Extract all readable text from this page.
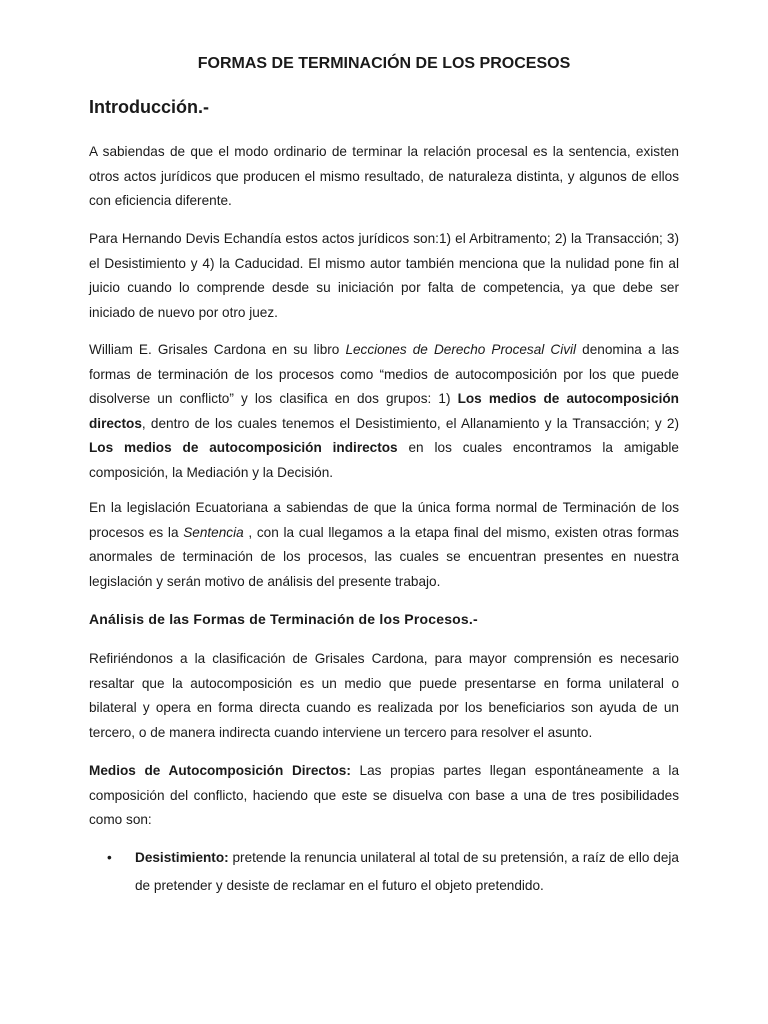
FORMAS DE TERMINACIÓN DE LOS PROCESOS
Introducción.-

A sabiendas de que el modo ordinario de terminar la relación procesal es la sentencia, existen otros actos jurídicos que producen el mismo resultado, de naturaleza distinta, y algunos de ellos con eficiencia diferente.

Para Hernando Devis Echandía estos actos jurídicos son:1) el Arbitramento; 2) la Transacción; 3) el Desistimiento y 4) la Caducidad. El mismo autor también menciona que la nulidad pone fin al juicio cuando lo comprende desde su iniciación por falta de competencia, ya que debe ser iniciado de nuevo por otro juez.

William E. Grisales Cardona en su libro Lecciones de Derecho Procesal Civil denomina a las formas de terminación de los procesos como “medios de autocomposición por los que puede disolverse un conflicto” y los clasifica en dos grupos: 1) Los medios de autocomposición directos, dentro de los cuales tenemos el Desistimiento, el Allanamiento y la Transacción; y 2) Los medios de autocomposición indirectos en los cuales encontramos la amigable composición, la Mediación y la Decisión.

En la legislación Ecuatoriana a sabiendas de que la única forma normal de Terminación de los procesos es la Sentencia , con la cual llegamos a la etapa final del mismo, existen otras formas anormales de terminación de los procesos, las cuales se encuentran presentes en nuestra legislación y serán motivo de análisis del presente trabajo.

Análisis de las Formas de Terminación de los Procesos.-

Refiriéndonos a la clasificación de Grisales Cardona, para mayor comprensión es necesario resaltar que la autocomposición es un medio que puede presentarse en forma unilateral o bilateral y opera en forma directa cuando es realizada por los beneficiarios son ayuda de un tercero, o de manera indirecta cuando interviene un tercero para resolver el asunto.

Medios de Autocomposición Directos: Las propias partes llegan espontáneamente a la composición del conflicto, haciendo que este se disuelva con base a una de tres posibilidades como son:

• Desistimiento: pretende la renuncia unilateral al total de su pretensión, a raíz de ello deja de pretender y desiste de reclamar en el futuro el objeto pretendido.
